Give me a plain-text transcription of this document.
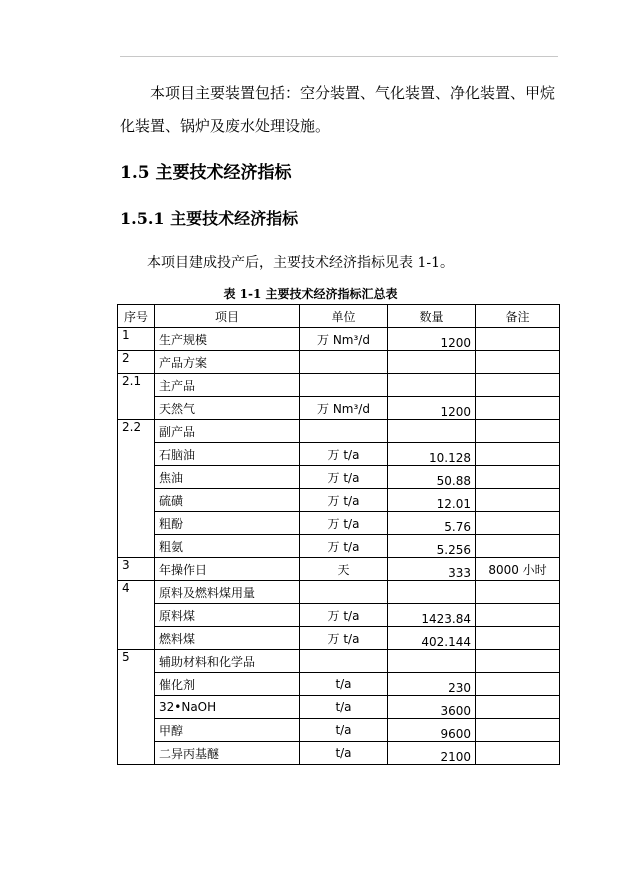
本项目主要装置包括：空分装置、气化装置、净化装置、甲烷化装置、锅炉及废水处理设施。
1.5 主要技术经济指标
1.5.1 主要技术经济指标
本项目建成投产后，主要技术经济指标见表 1-1。
表 1-1 主要技术经济指标汇总表
序号	项目	单位	数量	备注
1	生产规模	万 Nm³/d	1200	
2	产品方案			
2.1	主产品			
	天然气	万 Nm³/d	1200	
2.2	副产品			
	石脑油	万 t/a	10.128	
	焦油	万 t/a	50.88	
	硫磺	万 t/a	12.01	
	粗酚	万 t/a	5.76	
	粗氨	万 t/a	5.256	
3	年操作日	天	333	8000 小时
4	原料及燃料煤用量			
	原料煤	万 t/a	1423.84	
	燃料煤	万 t/a	402.144	
5	辅助材料和化学品			
	催化剂	t/a	230	
	32•NaOH	t/a	3600	
	甲醇	t/a	9600	
	二异丙基醚	t/a	2100	
